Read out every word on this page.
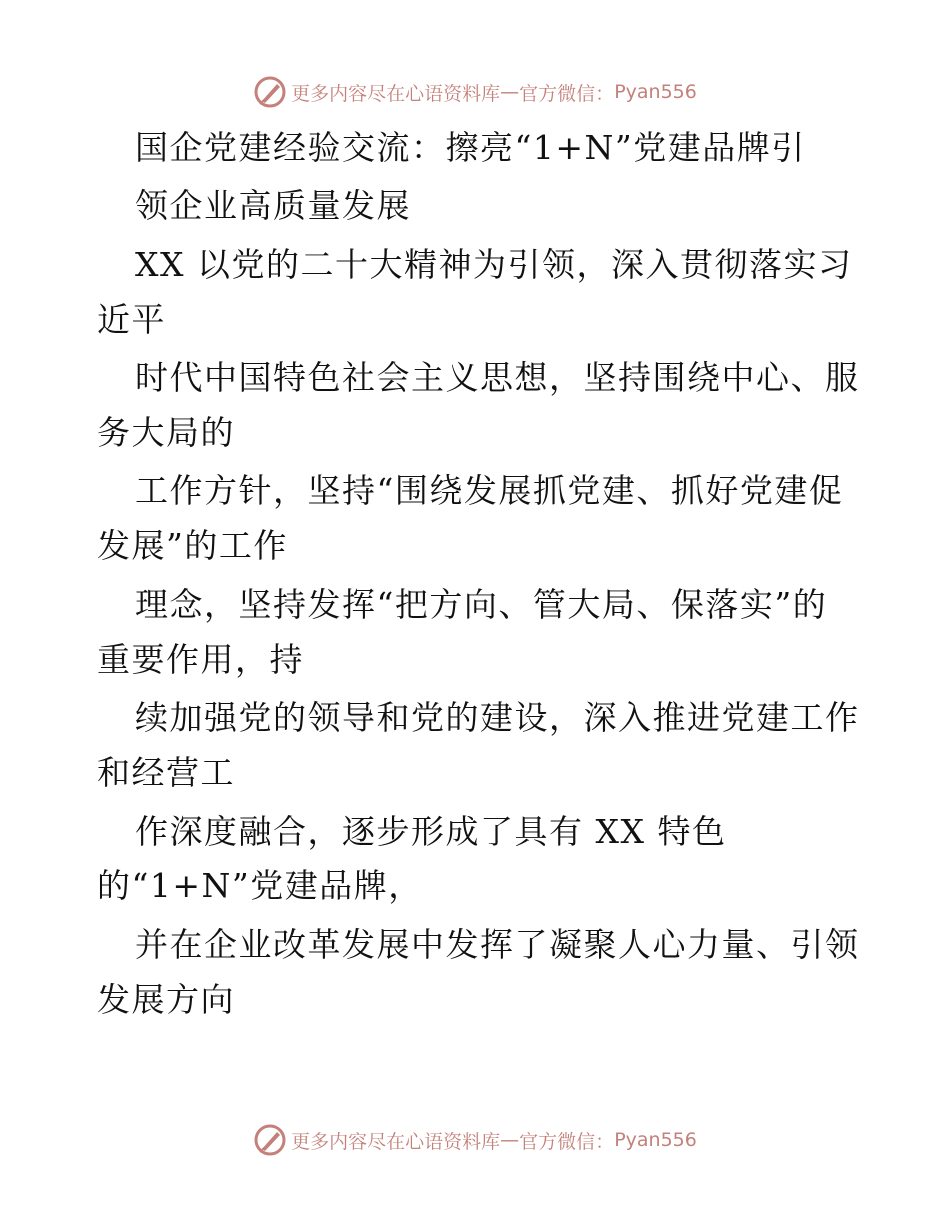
更多内容尽在心语资料库 — 官方微信： Pyan556
国企党建经验交流：擦亮“1+N”党建品牌引
领企业高质量发展
XX 以党的二十大精神为引领，深入贯彻落实习
近平
时代中国特色社会主义思想，坚持围绕中心、服
务大局的
工作方针，坚持“围绕发展抓党建、抓好党建促
发展”的工作
理念，坚持发挥“把方向、管大局、保落实”的
重要作用，持
续加强党的领导和党的建设，深入推进党建工作
和经营工
作深度融合，逐步形成了具有 XX 特色
的“1+N”党建品牌，
并在企业改革发展中发挥了凝聚人心力量、引领
发展方向
更多内容尽在心语资料库 — 官方微信： Pyan556
